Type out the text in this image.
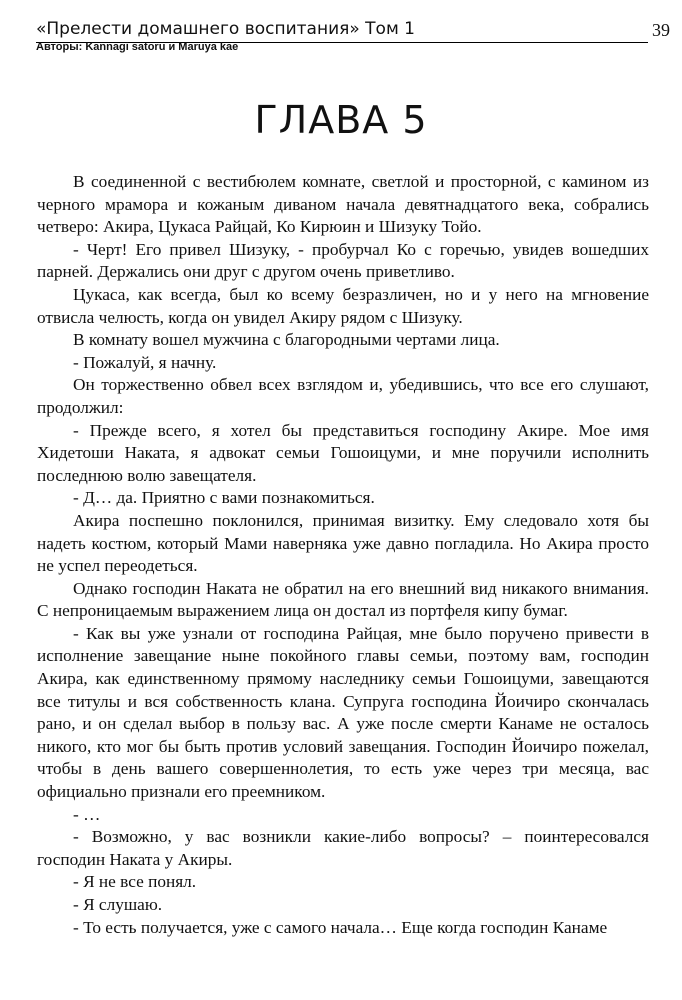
«Прелести домашнего воспитания» Том 1
Авторы: Kannagi satoru и Maruya kae
39
ГЛАВА 5

В соединенной с вестибюлем комнате, светлой и просторной, с камином из черного мрамора и кожаным диваном начала девятнадцатого века, собрались четверо: Акира, Цукаса Райцай, Ко Кирюин и Шизуку Тойо.

- Черт! Его привел Шизуку, - пробурчал Ко с горечью, увидев вошедших парней. Держались они друг с другом очень приветливо.

Цукаса, как всегда, был ко всему безразличен, но и у него на мгновение отвисла челюсть, когда он увидел Акиру рядом с Шизуку.

В комнату вошел мужчина с благородными чертами лица.

- Пожалуй, я начну.

Он торжественно обвел всех взглядом и, убедившись, что все его слушают, продолжил:

- Прежде всего, я хотел бы представиться господину Акире. Мое имя Хидетоши Наката, я адвокат семьи Гошоицуми, и мне поручили исполнить последнюю волю завещателя.

- Д… да. Приятно с вами познакомиться.

Акира поспешно поклонился, принимая визитку. Ему следовало хотя бы надеть костюм, который Мами наверняка уже давно погладила. Но Акира просто не успел переодеться.

Однако господин Наката не обратил на его внешний вид никакого внимания. С непроницаемым выражением лица он достал из портфеля кипу бумаг.

- Как вы уже узнали от господина Райцая, мне было поручено привести в исполнение завещание ныне покойного главы семьи, поэтому вам, господин Акира, как единственному прямому наследнику семьи Гошоицуми, завещаются все титулы и вся собственность клана. Супруга господина Йоичиро скончалась рано, и он сделал выбор в пользу вас. А уже после смерти Канаме не осталось никого, кто мог бы быть против условий завещания. Господин Йоичиро пожелал, чтобы в день вашего совершеннолетия, то есть уже через три месяца, вас официально признали его преемником.

- …

- Возможно, у вас возникли какие-либо вопросы? – поинтересовался господин Наката у Акиры.

- Я не все понял.

- Я слушаю.

- То есть получается, уже с самого начала… Еще когда господин Канаме
